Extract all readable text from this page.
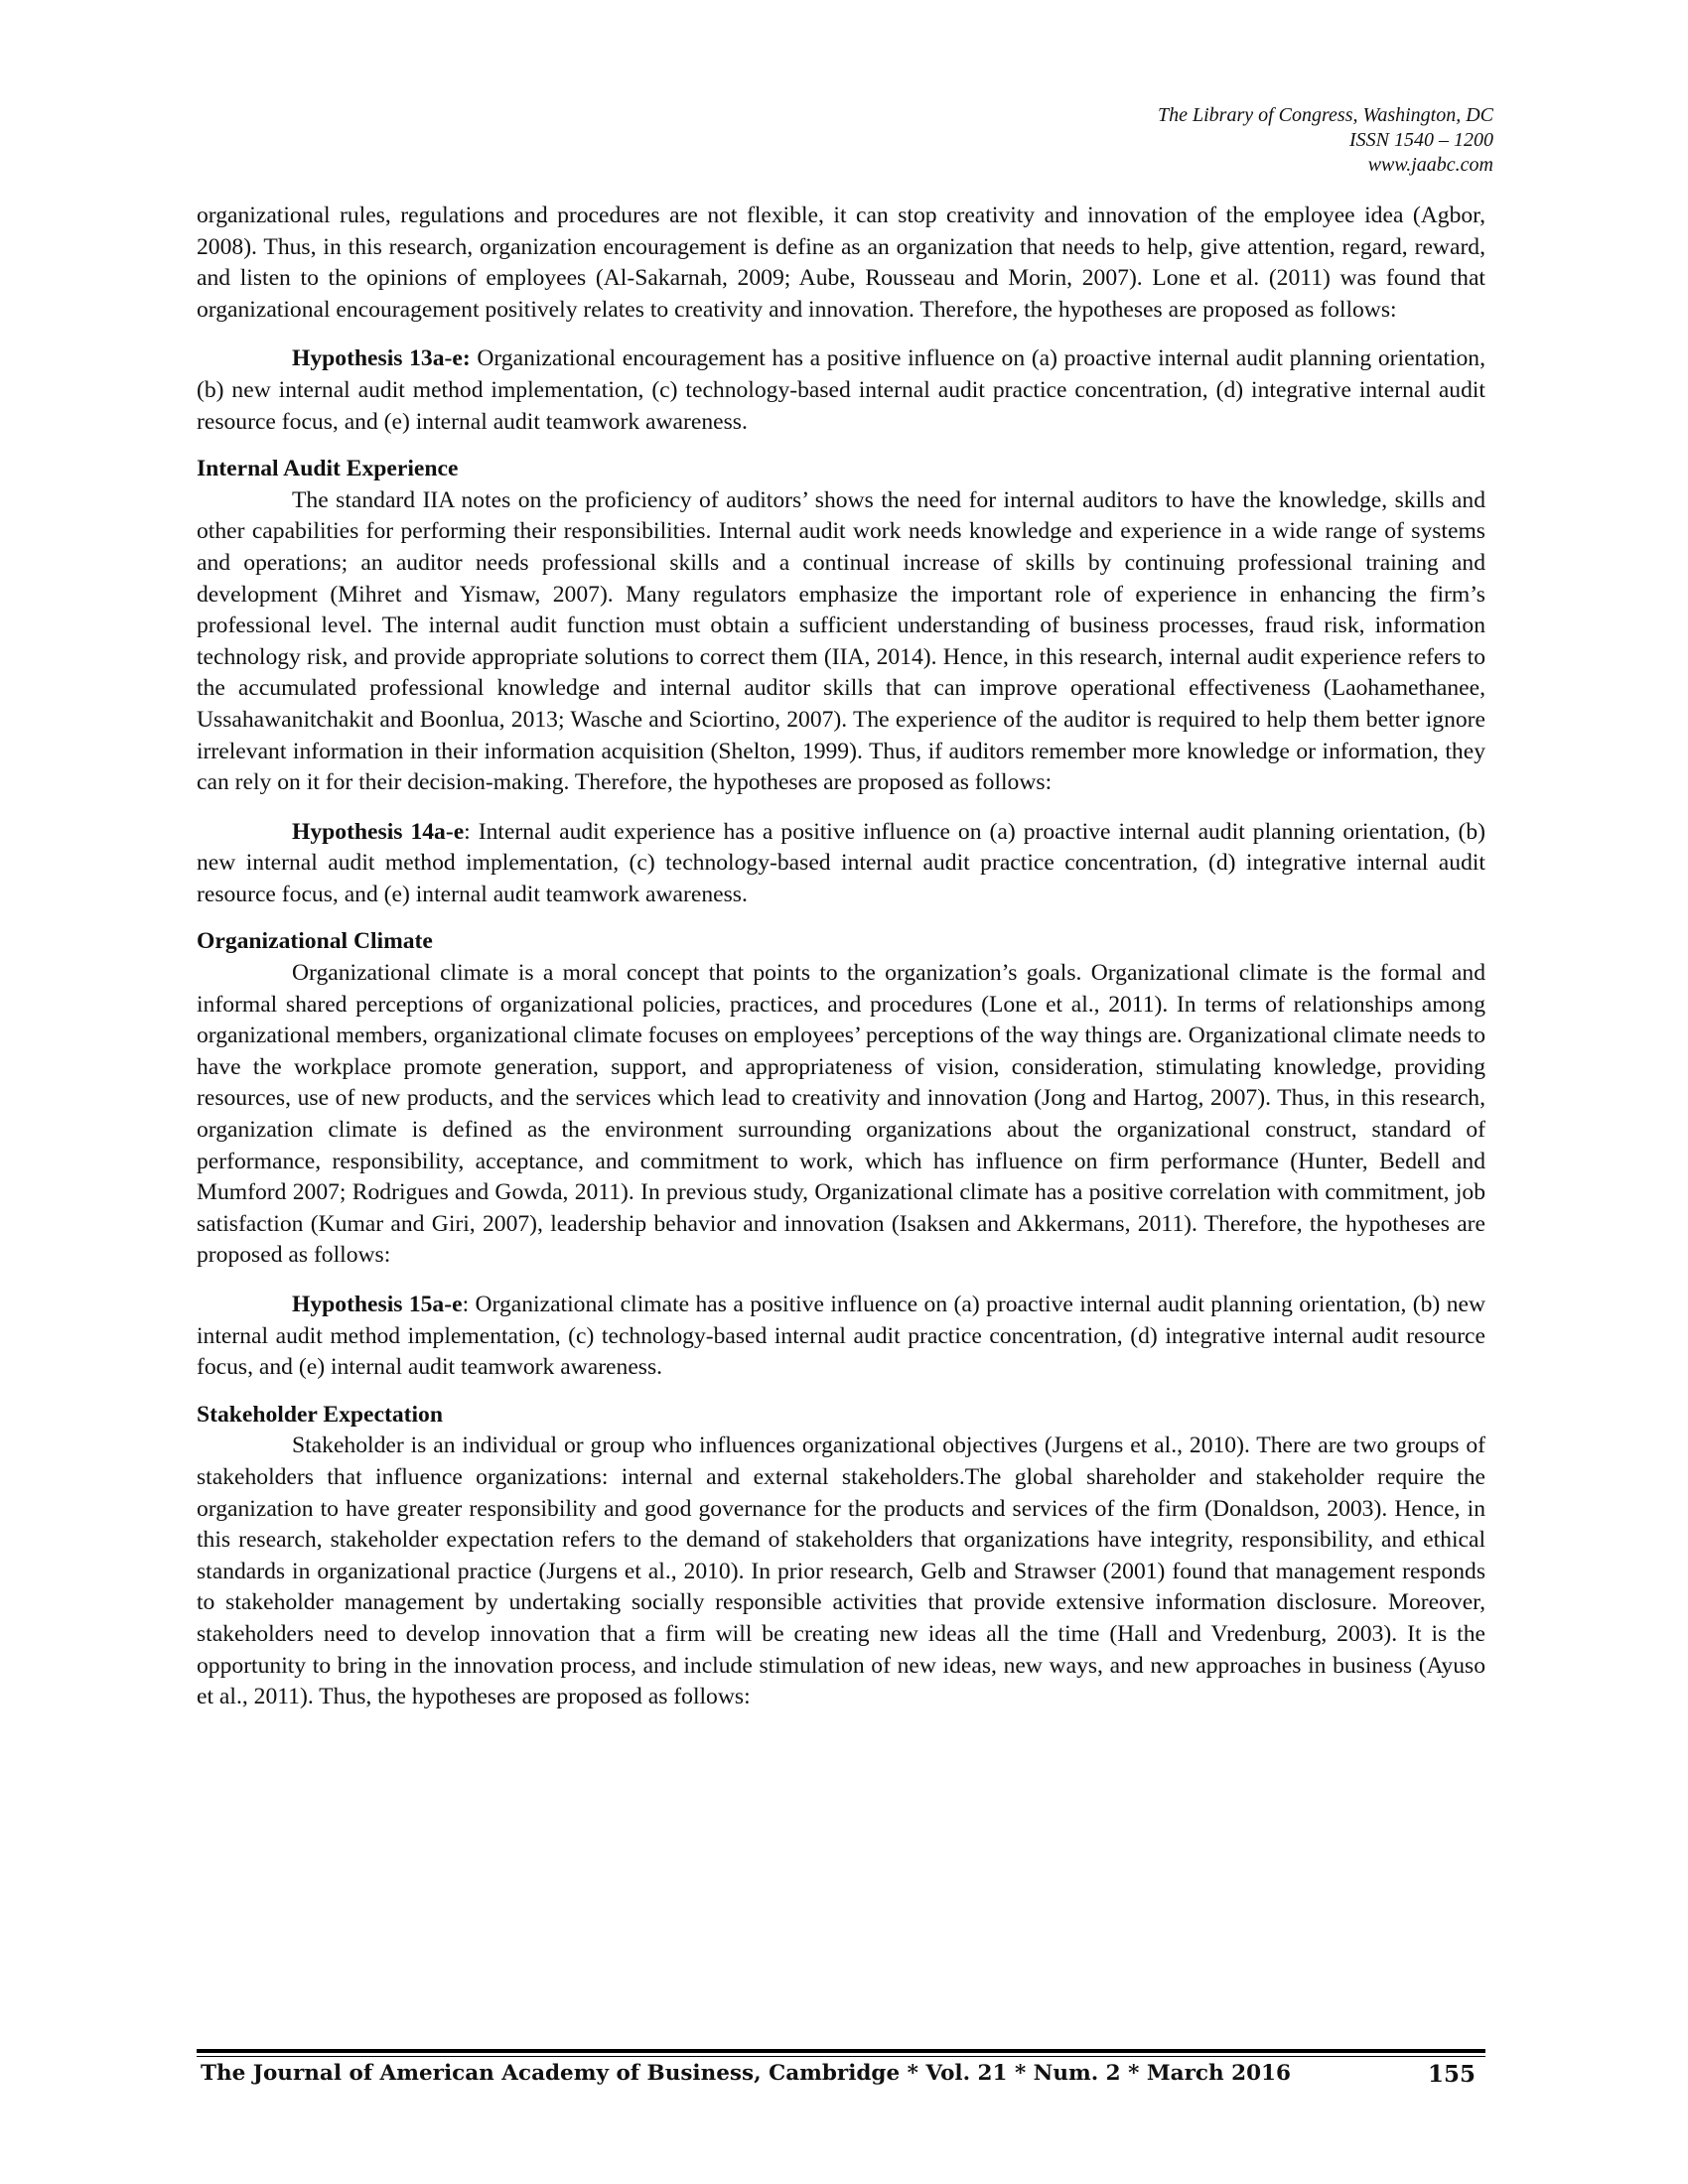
The Library of Congress, Washington, DC
ISSN 1540 – 1200
www.jaabc.com

organizational rules, regulations and procedures are not flexible, it can stop creativity and innovation of the employee idea (Agbor, 2008). Thus, in this research, organization encouragement is define as an organization that needs to help, give attention, regard, reward, and listen to the opinions of employees (Al-Sakarnah, 2009; Aube, Rousseau and Morin, 2007). Lone et al. (2011) was found that organizational encouragement positively relates to creativity and innovation. Therefore, the hypotheses are proposed as follows:

Hypothesis 13a-e: Organizational encouragement has a positive influence on (a) proactive internal audit planning orientation, (b) new internal audit method implementation, (c) technology-based internal audit practice concentration, (d) integrative internal audit resource focus, and (e) internal audit teamwork awareness.

Internal Audit Experience

The standard IIA notes on the proficiency of auditors’ shows the need for internal auditors to have the knowledge, skills and other capabilities for performing their responsibilities. Internal audit work needs knowledge and experience in a wide range of systems and operations; an auditor needs professional skills and a continual increase of skills by continuing professional training and development (Mihret and Yismaw, 2007). Many regulators emphasize the important role of experience in enhancing the firm’s professional level. The internal audit function must obtain a sufficient understanding of business processes, fraud risk, information technology risk, and provide appropriate solutions to correct them (IIA, 2014). Hence, in this research, internal audit experience refers to the accumulated professional knowledge and internal auditor skills that can improve operational effectiveness (Laohamethanee, Ussahawanitchakit and Boonlua, 2013; Wasche and Sciortino, 2007). The experience of the auditor is required to help them better ignore irrelevant information in their information acquisition (Shelton, 1999). Thus, if auditors remember more knowledge or information, they can rely on it for their decision-making. Therefore, the hypotheses are proposed as follows:

Hypothesis 14a-e: Internal audit experience has a positive influence on (a) proactive internal audit planning orientation, (b) new internal audit method implementation, (c) technology-based internal audit practice concentration, (d) integrative internal audit resource focus, and (e) internal audit teamwork awareness.

Organizational Climate

Organizational climate is a moral concept that points to the organization’s goals. Organizational climate is the formal and informal shared perceptions of organizational policies, practices, and procedures (Lone et al., 2011). In terms of relationships among organizational members, organizational climate focuses on employees’ perceptions of the way things are. Organizational climate needs to have the workplace promote generation, support, and appropriateness of vision, consideration, stimulating knowledge, providing resources, use of new products, and the services which lead to creativity and innovation (Jong and Hartog, 2007). Thus, in this research, organization climate is defined as the environment surrounding organizations about the organizational construct, standard of performance, responsibility, acceptance, and commitment to work, which has influence on firm performance (Hunter, Bedell and Mumford 2007; Rodrigues and Gowda, 2011). In previous study, Organizational climate has a positive correlation with commitment, job satisfaction (Kumar and Giri, 2007), leadership behavior and innovation (Isaksen and Akkermans, 2011). Therefore, the hypotheses are proposed as follows:

Hypothesis 15a-e: Organizational climate has a positive influence on (a) proactive internal audit planning orientation, (b) new internal audit method implementation, (c) technology-based internal audit practice concentration, (d) integrative internal audit resource focus, and (e) internal audit teamwork awareness.

Stakeholder Expectation

Stakeholder is an individual or group who influences organizational objectives (Jurgens et al., 2010). There are two groups of stakeholders that influence organizations: internal and external stakeholders.The global shareholder and stakeholder require the organization to have greater responsibility and good governance for the products and services of the firm (Donaldson, 2003). Hence, in this research, stakeholder expectation refers to the demand of stakeholders that organizations have integrity, responsibility, and ethical standards in organizational practice (Jurgens et al., 2010). In prior research, Gelb and Strawser (2001) found that management responds to stakeholder management by undertaking socially responsible activities that provide extensive information disclosure. Moreover, stakeholders need to develop innovation that a firm will be creating new ideas all the time (Hall and Vredenburg, 2003). It is the opportunity to bring in the innovation process, and include stimulation of new ideas, new ways, and new approaches in business (Ayuso et al., 2011). Thus, the hypotheses are proposed as follows:

The Journal of American Academy of Business, Cambridge * Vol. 21 * Num. 2 * March 2016	155
